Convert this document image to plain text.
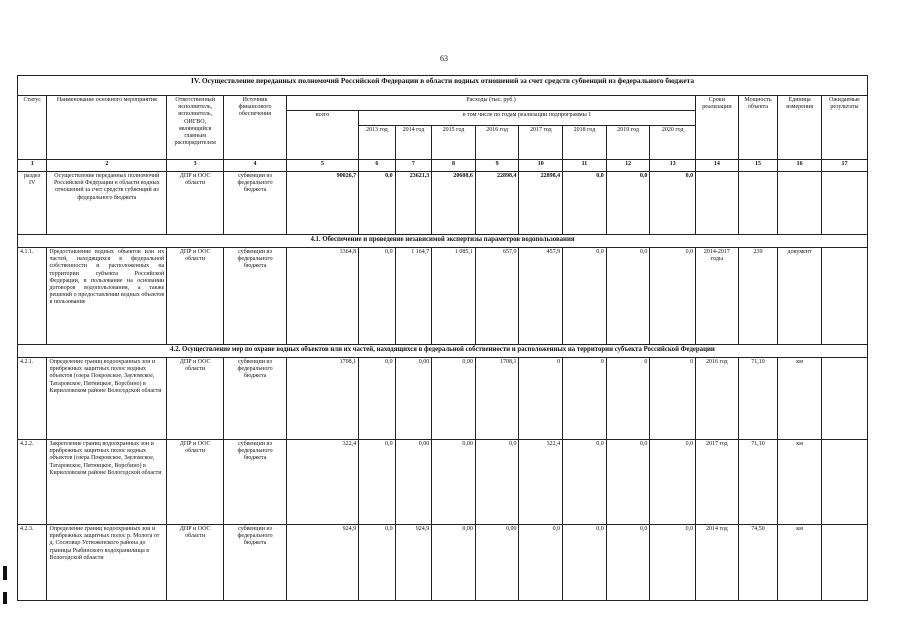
63
IV. Осуществление переданных полномочий Российской Федерации в области водных отношений за счет средств субвенций из федерального бюджета																
Статус	Наименование основного мероприятия	Ответственный исполнитель, исполнитель, ОИГВО, являющийся главным распорядителем	Источник финансового обеспечения	Расходы (тыс. руб.)									Сроки реализации	Мощность объекта	Единица измерения	Ожидаемые результаты
				всего	в том числе по годам реализации подпрограммы 1											
					2013 год	2014 год	2015 год	2016 год	2017 год	2018 год	2019 год	2020 год				
1	2	3	4	5	6	7	8	9	10	11	12	13	14	15	16	17
раздел IV	Осуществление переданных полномочий Российской Федерации в области водных отношений за счет средств субвенций из федерального бюджета	ДПР и ООС области	субвенции из федерального бюджета	90026,7	0,0	23621,3	20608,6	22898,4	22898,4	0,0	0,0	0,0				
4.1. Обеспечение и проведение независимой экспертизы параметров водопользования																
4.1.1.	Предоставление водных объектов или их частей, находящихся в федеральной собственности и расположенных на территории субъекта Российской Федерации, в пользование на основании договоров водопользования, а также решений о предоставлении водных объектов в пользование	ДПР и ООС области	субвенции из федерального бюджета	3364,8	0,0	1 164,7	1 085,1	657,0	457,9	0,0	0,0	0,0	2014-2017 годы	239	документ	
4.2. Осуществление мер по охране водных объектов или их частей, находящихся в федеральной собственности и расположенных на территории субъекта Российской Федерации																
4.2.1.	Определение границ водоохранных зон и прибрежных защитных полос водных объектов (озера Покровское, Зауломское, Татаровское, Пятницкое, Ворсбино) в Кирилловском районе Вологодской области	ДПР и ООС области	субвенции из федерального бюджета	1708,1	0,0	0,00	0,00	1708,1	0	0	0	0	2016 год	71,10	км	
4.2.2.	Закрепление границ водоохранных зон и прибрежных защитных полос водных объектов (озера Покровское, Зауломское, Татаровское, Пятницкое, Ворсбино) в Кирилловском районе Вологодской области	ДПР и ООС области	субвенции из федерального бюджета	322,4	0,0	0,00	0,00	0,0	322,4	0,0	0,0	0,0	2017 год	71,10	км	
4.2.3.	Определение границ водоохранных зон и прибрежных защитных полос р. Молога от д. Сосновцо Устюженского района до границы Рыбинского водохранилища в Вологодской области	ДПР и ООС области	субвенции из федерального бюджета	924,9	0,0	924,9	0,00	0,00	0,0	0,0	0,0	0,0	2014 год	74,50	км	
